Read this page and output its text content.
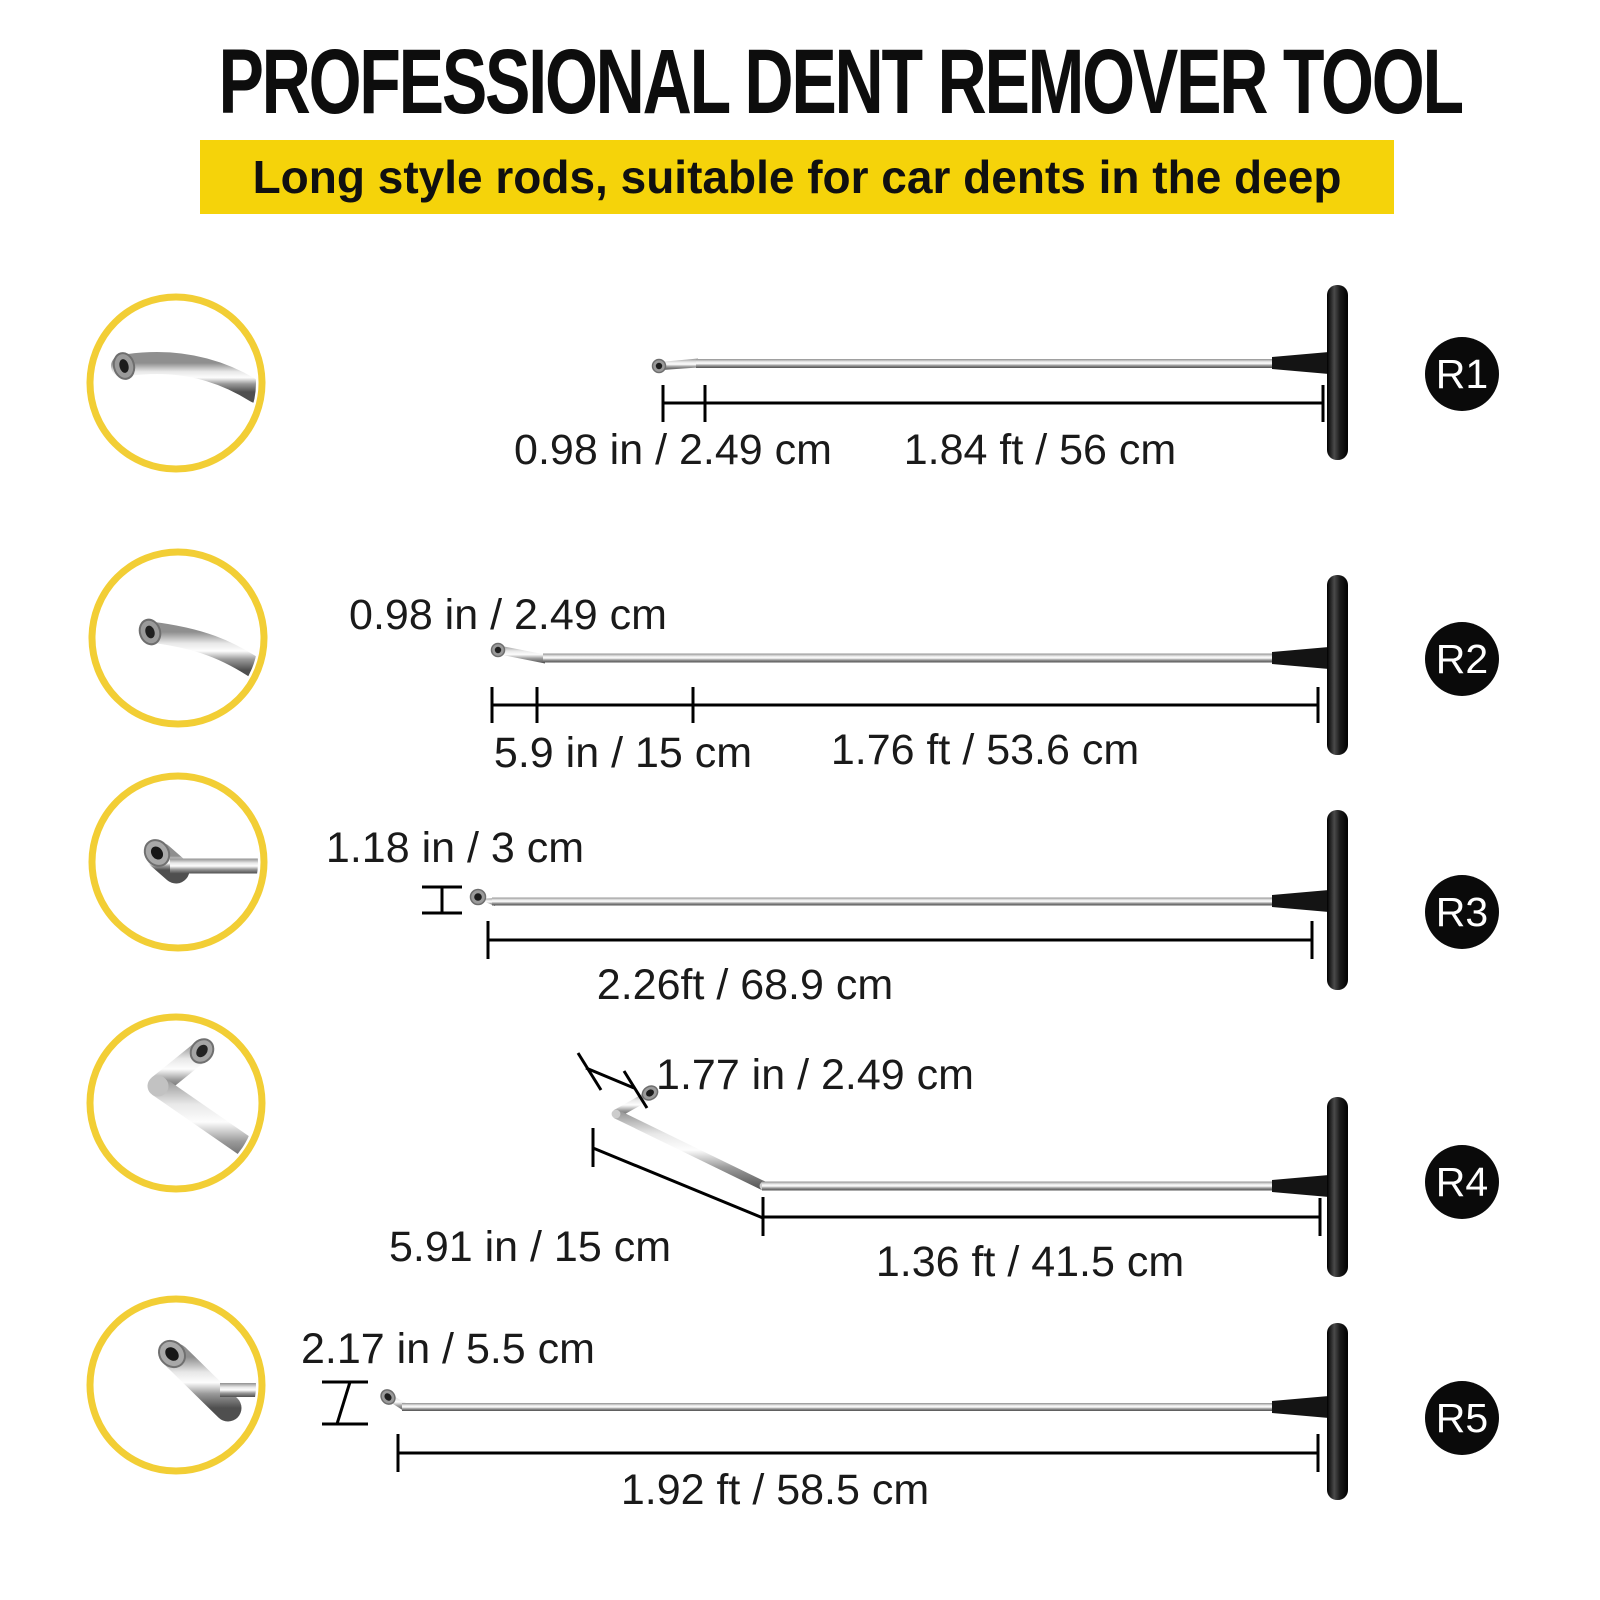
PROFESSIONAL DENT REMOVER TOOL
Long style rods, suitable for car dents in the deep
0.98 in / 2.49 cm 1.84 ft / 56 cm
0.98 in / 2.49 cm
5.9 in / 15 cm 1.76 ft / 53.6 cm
1.18 in / 3 cm
2.26ft / 68.9 cm
1.77 in / 2.49 cm
5.91 in / 15 cm	1.36 ft / 41.5 cm
2.17 in / 5.5 cm
1.92 ft / 58.5 cm
R1
R2
R3
R4
R5
